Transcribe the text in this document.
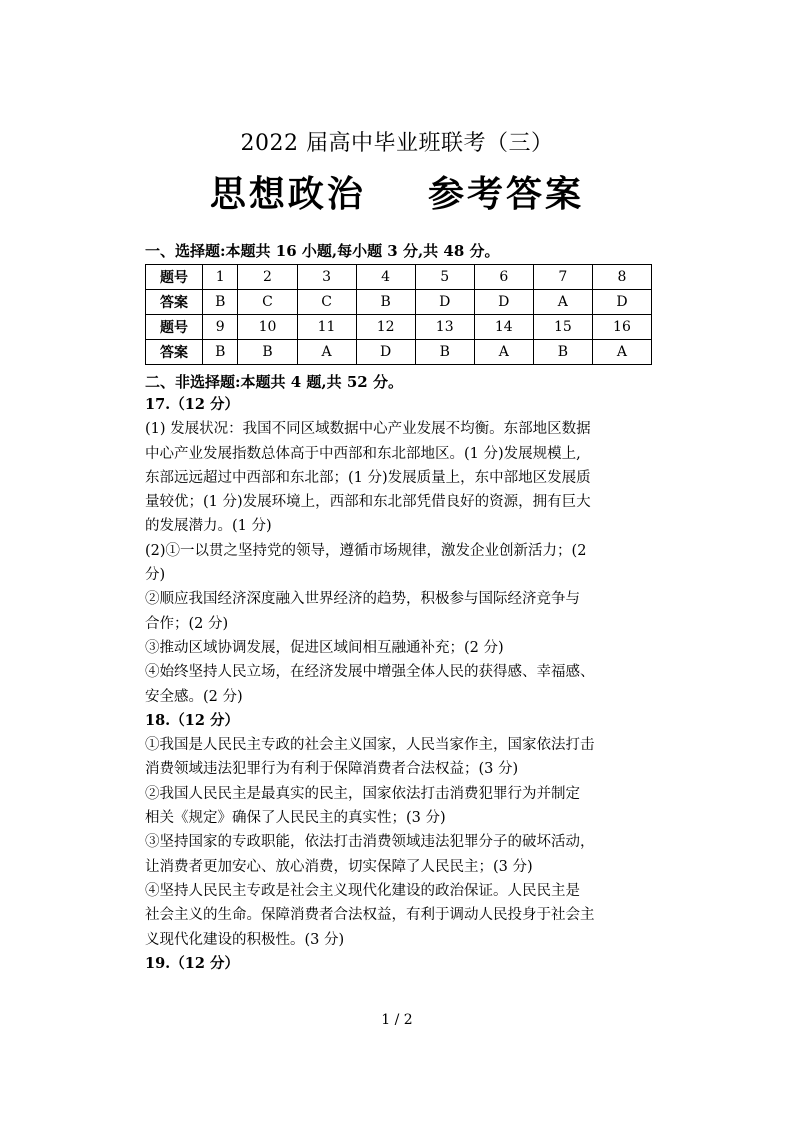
2022 届高中毕业班联考（三）
思想政治    参考答案
一、选择题:本题共 16 小题,每小题 3 分,共 48 分。
题号	1	2	3	4	5	6	7	8
答案	B	C	C	B	D	D	A	D
题号	9	10	11	12	13	14	15	16
答案	B	B	A	D	B	A	B	A
二、非选择题:本题共 4 题,共 52 分。
17.（12 分）
(1) 发展状况：我国不同区域数据中心产业发展不均衡。东部地区数据
中心产业发展指数总体高于中西部和东北部地区。(1 分)发展规模上,
东部远远超过中西部和东北部；(1 分)发展质量上，东中部地区发展质
量较优；(1 分)发展环境上，西部和东北部凭借良好的资源，拥有巨大
的发展潜力。(1 分)
(2)①一以贯之坚持党的领导，遵循市场规律，激发企业创新活力；(2
分)
②顺应我国经济深度融入世界经济的趋势，积极参与国际经济竞争与
合作；(2 分)
③推动区域协调发展，促进区域间相互融通补充；(2 分)
④始终坚持人民立场，在经济发展中增强全体人民的获得感、幸福感、
安全感。(2 分)
18.（12 分）
①我国是人民民主专政的社会主义国家，人民当家作主，国家依法打击
消费领域违法犯罪行为有利于保障消费者合法权益；(3 分)
②我国人民民主是最真实的民主，国家依法打击消费犯罪行为并制定
相关《规定》确保了人民民主的真实性；(3 分)
③坚持国家的专政职能，依法打击消费领域违法犯罪分子的破坏活动，
让消费者更加安心、放心消费，切实保障了人民民主；(3 分)
④坚持人民民主专政是社会主义现代化建设的政治保证。人民民主是
社会主义的生命。保障消费者合法权益，有利于调动人民投身于社会主
义现代化建设的积极性。(3 分)
19.（12 分）
1 / 2
